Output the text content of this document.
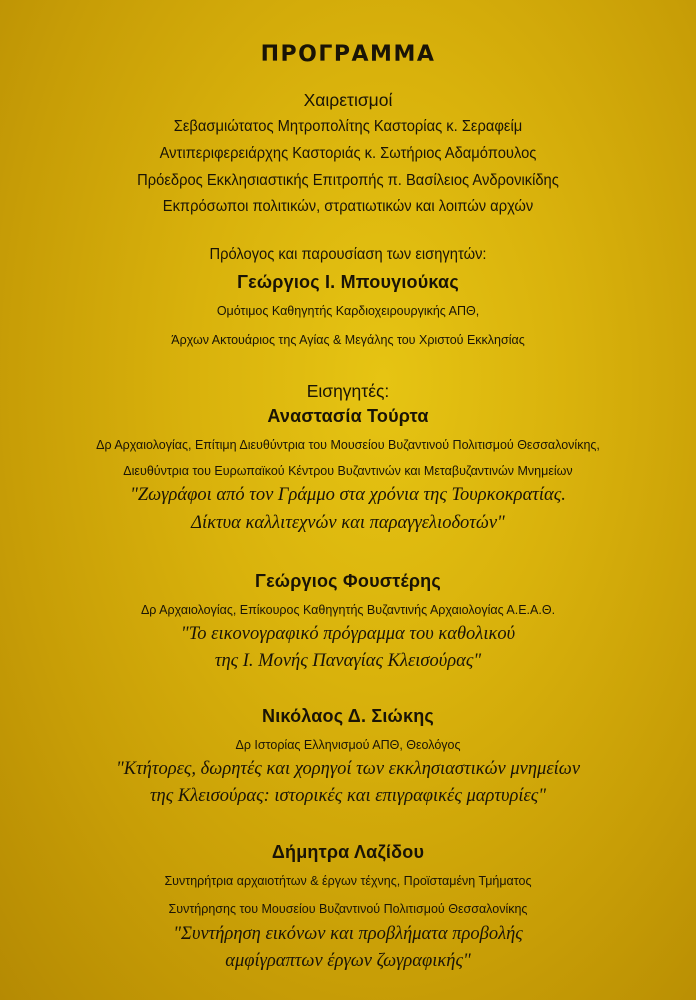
ΠΡΟΓΡΑΜΜΑ
Χαιρετισμοί
Σεβασμιώτατος Μητροπολίτης Καστορίας κ. Σεραφείμ
Αντιπεριφερειάρχης Καστοριάς κ. Σωτήριος Αδαμόπουλος
Πρόεδρος Εκκλησιαστικής Επιτροπής π. Βασίλειος Ανδρονικίδης
Εκπρόσωποι πολιτικών, στρατιωτικών και λοιπών αρχών
Πρόλογος και παρουσίαση των εισηγητών:
Γεώργιος Ι. Μπουγιούκας
Ομότιμος Καθηγητής Καρδιοχειρουργικής ΑΠΘ,
Άρχων Ακτουάριος της Αγίας & Μεγάλης του Χριστού Εκκλησίας
Εισηγητές:
Αναστασία Τούρτα
Δρ Αρχαιολογίας, Επίτιμη Διευθύντρια του Μουσείου Βυζαντινού Πολιτισμού Θεσσαλονίκης,
Διευθύντρια του Ευρωπαϊκού Κέντρου Βυζαντινών και Μεταβυζαντινών Μνημείων
"Ζωγράφοι από τον Γράμμο στα χρόνια της Τουρκοκρατίας.
Δίκτυα καλλιτεχνών και παραγγελιοδοτών"
Γεώργιος Φουστέρης
Δρ Αρχαιολογίας, Επίκουρος Καθηγητής Βυζαντινής Αρχαιολογίας Α.Ε.Α.Θ.
"Το εικονογραφικό πρόγραμμα του καθολικού
της Ι. Μονής Παναγίας Κλεισούρας"
Νικόλαος Δ. Σιώκης
Δρ Ιστορίας Ελληνισμού ΑΠΘ, Θεολόγος
"Κτήτορες, δωρητές και χορηγοί των εκκλησιαστικών μνημείων
της Κλεισούρας: ιστορικές και επιγραφικές μαρτυρίες"
Δήμητρα Λαζίδου
Συντηρήτρια αρχαιοτήτων & έργων τέχνης, Προϊσταμένη Τμήματος
Συντήρησης του Μουσείου Βυζαντινού Πολιτισμού Θεσσαλονίκης
"Συντήρηση εικόνων και προβλήματα προβολής
αμφίγραπτων έργων ζωγραφικής"
